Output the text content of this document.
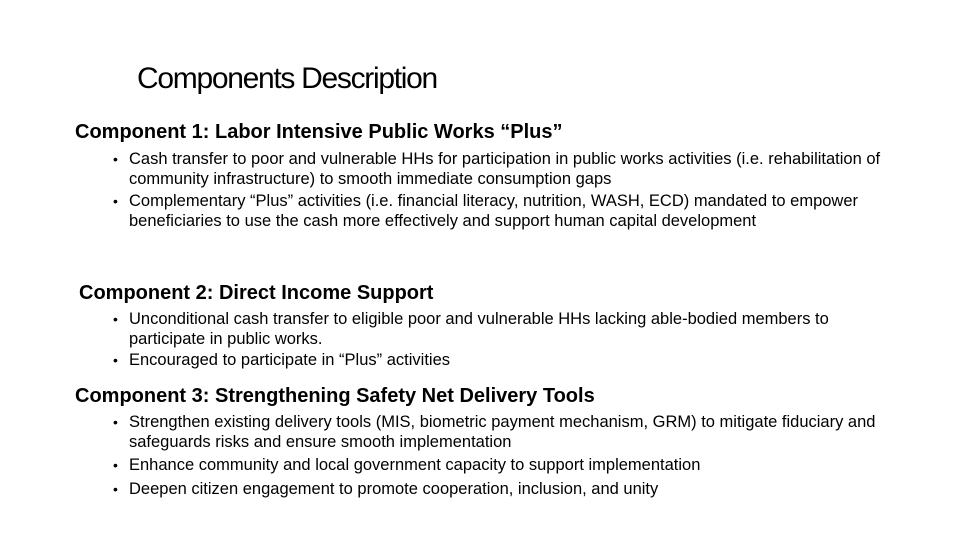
Components Description
Component 1: Labor Intensive Public Works “Plus”
• Cash transfer to poor and vulnerable HHs for participation in public works activities (i.e. rehabilitation of community infrastructure) to smooth immediate consumption gaps
• Complementary “Plus” activities (i.e. financial literacy, nutrition, WASH, ECD) mandated to empower beneficiaries to use the cash more effectively and support human capital development
Component 2: Direct Income Support
• Unconditional cash transfer to eligible poor and vulnerable HHs lacking able-bodied members to participate in public works.
• Encouraged to participate in “Plus” activities
Component 3: Strengthening Safety Net Delivery Tools
• Strengthen existing delivery tools (MIS, biometric payment mechanism, GRM) to mitigate fiduciary and safeguards risks and ensure smooth implementation
• Enhance community and local government capacity to support implementation
• Deepen citizen engagement to promote cooperation, inclusion, and unity
